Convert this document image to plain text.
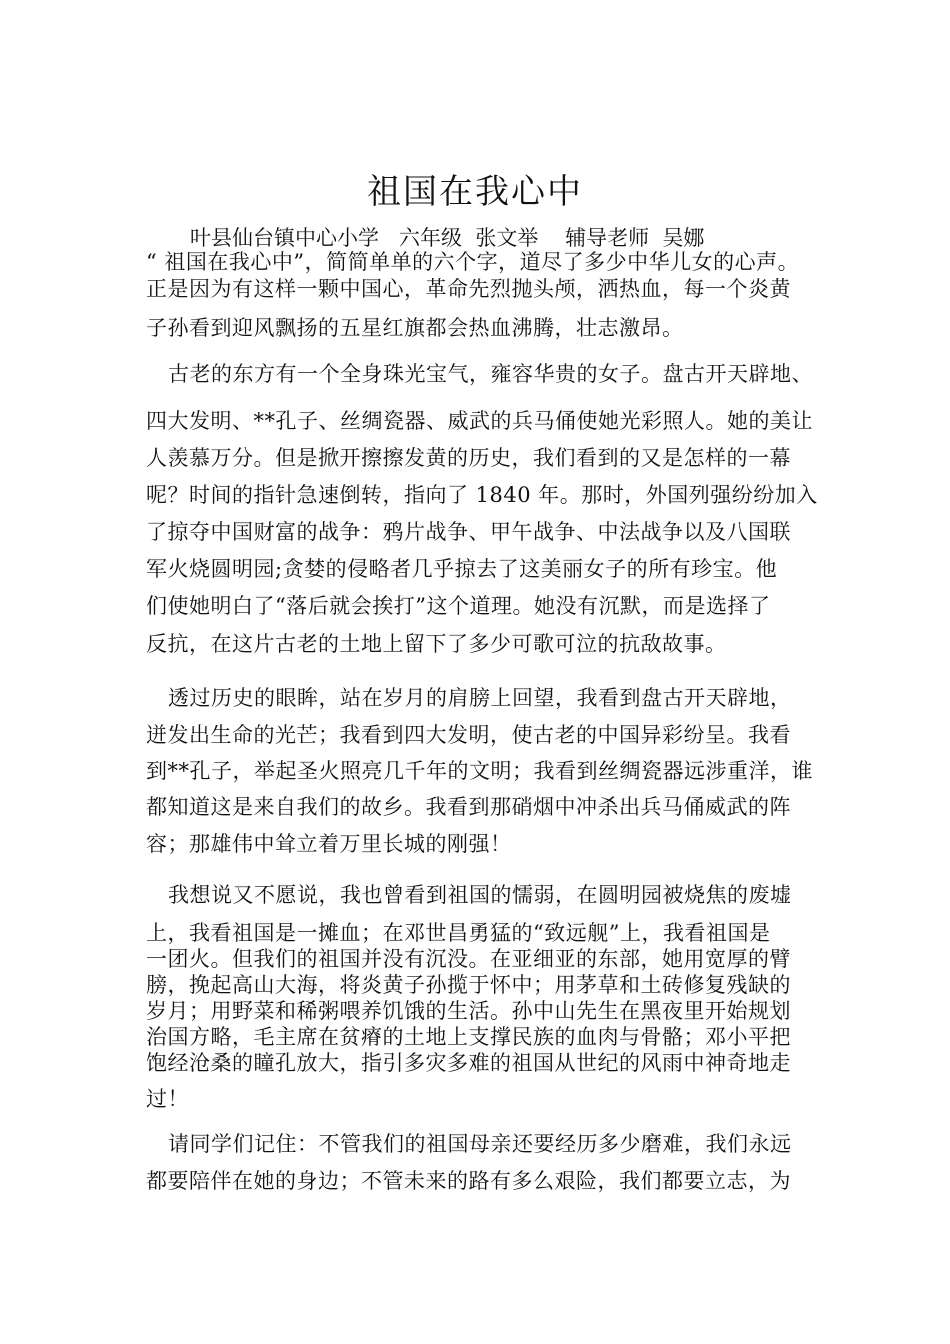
祖国在我心中
叶县仙台镇中心小学   六年级  张文举    辅导老师  吴娜
“ 祖国在我心中”，简简单单的六个字，道尽了多少中华儿女的心声。
正是因为有这样一颗中国心，革命先烈抛头颅，洒热血，每一个炎黄
子孙看到迎风飘扬的五星红旗都会热血沸腾，壮志激昂。
古老的东方有一个全身珠光宝气，雍容华贵的女子。盘古开天辟地、
四大发明、**孔子、丝绸瓷器、威武的兵马俑使她光彩照人。她的美让
人羡慕万分。但是掀开擦擦发黄的历史，我们看到的又是怎样的一幕
呢？时间的指针急速倒转，指向了 1840 年。那时，外国列强纷纷加入
了掠夺中国财富的战争：鸦片战争、甲午战争、中法战争以及八国联
军火烧圆明园;贪婪的侵略者几乎掠去了这美丽女子的所有珍宝。他
们使她明白了“落后就会挨打”这个道理。她没有沉默，而是选择了
反抗，在这片古老的土地上留下了多少可歌可泣的抗敌故事。
透过历史的眼眸，站在岁月的肩膀上回望，我看到盘古开天辟地，
迸发出生命的光芒；我看到四大发明，使古老的中国异彩纷呈。我看
到**孔子，举起圣火照亮几千年的文明；我看到丝绸瓷器远涉重洋，谁
都知道这是来自我们的故乡。我看到那硝烟中冲杀出兵马俑威武的阵
容；那雄伟中耸立着万里长城的刚强！
我想说又不愿说，我也曾看到祖国的懦弱，在圆明园被烧焦的废墟
上，我看祖国是一摊血；在邓世昌勇猛的“致远舰”上，我看祖国是
一团火。但我们的祖国并没有沉没。在亚细亚的东部，她用宽厚的臂
膀，挽起高山大海，将炎黄子孙揽于怀中；用茅草和土砖修复残缺的
岁月；用野菜和稀粥喂养饥饿的生活。孙中山先生在黑夜里开始规划
治国方略，毛主席在贫瘠的土地上支撑民族的血肉与骨骼；邓小平把
饱经沧桑的瞳孔放大，指引多灾多难的祖国从世纪的风雨中神奇地走
过！
请同学们记住：不管我们的祖国母亲还要经历多少磨难，我们永远
都要陪伴在她的身边；不管未来的路有多么艰险，我们都要立志，为
